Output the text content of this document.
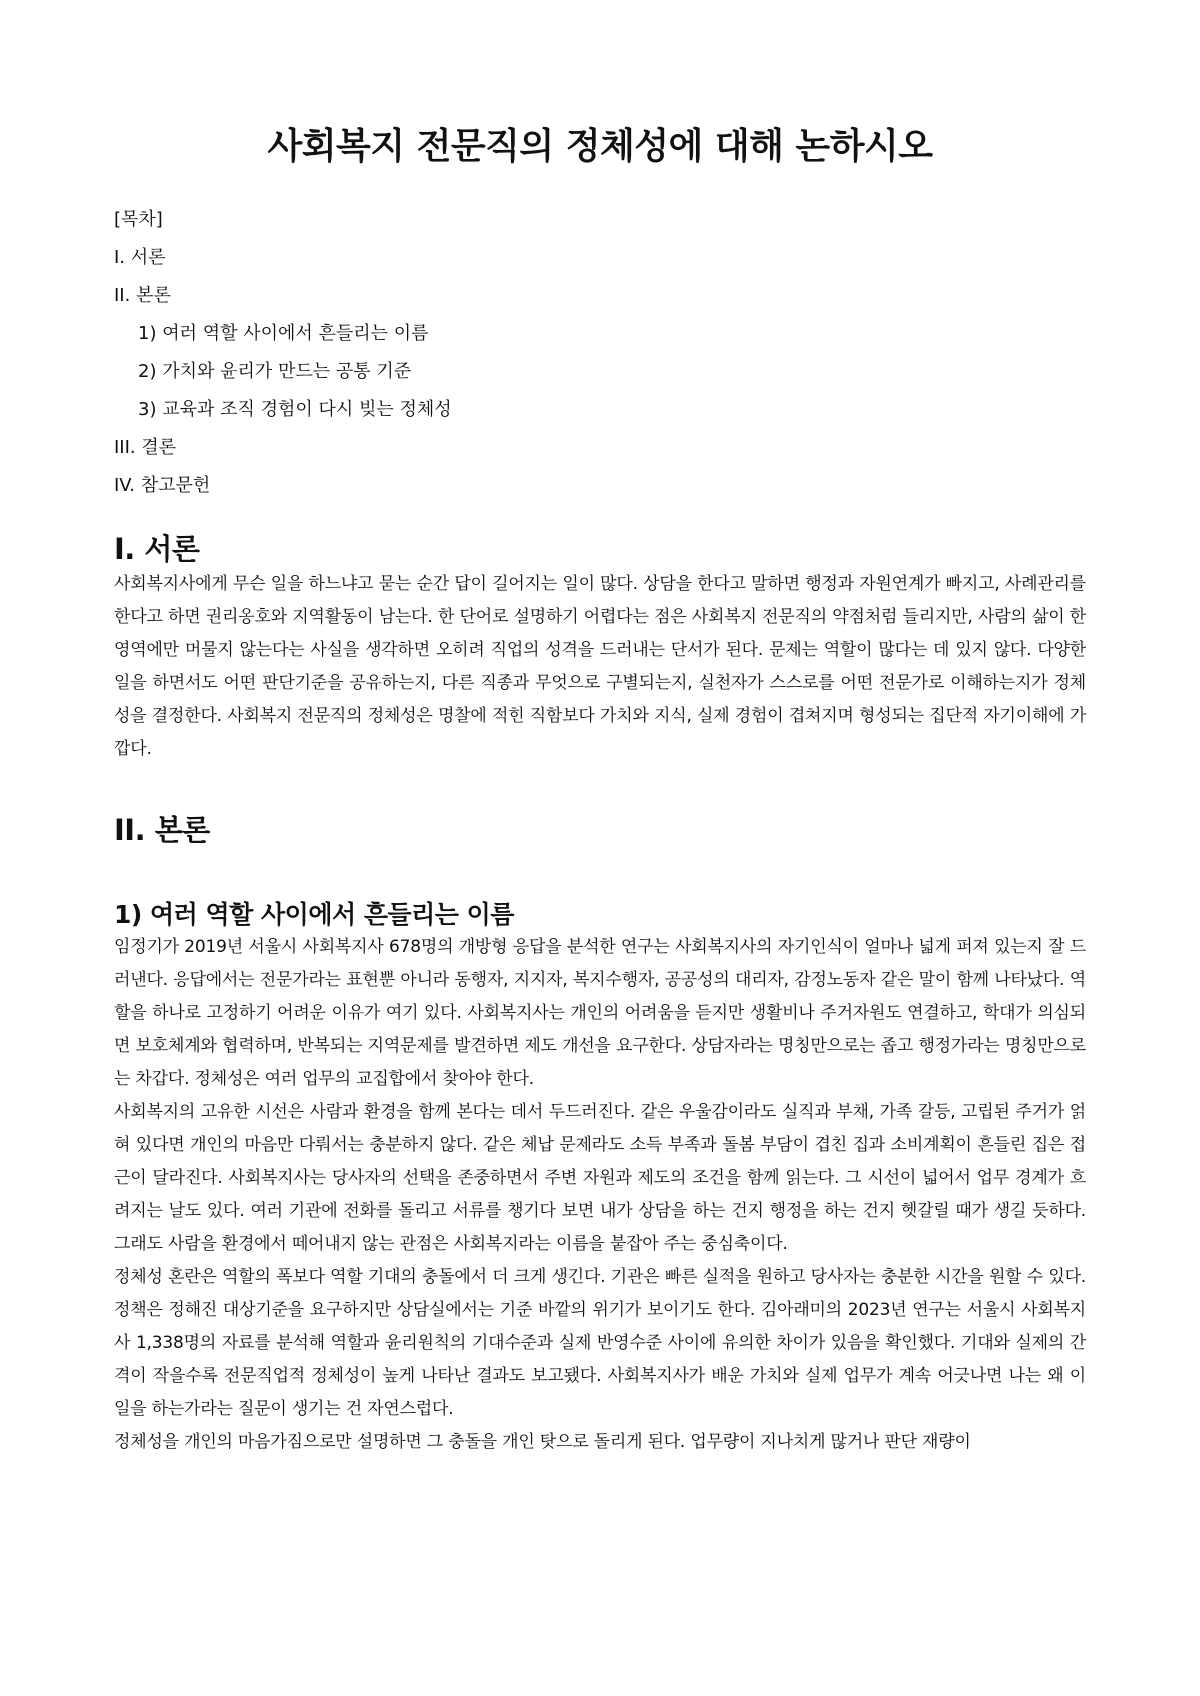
사회복지 전문직의 정체성에 대해 논하시오
[목차]
I. 서론
II. 본론
1) 여러 역할 사이에서 흔들리는 이름
2) 가치와 윤리가 만드는 공통 기준
3) 교육과 조직 경험이 다시 빚는 정체성
III. 결론
IV. 참고문헌
I. 서론

사회복지사에게 무슨 일을 하느냐고 묻는 순간 답이 길어지는 일이 많다. 상담을 한다고 말하면 행정과 자원연계가 빠지고, 사례관리를 한다고 하면 권리옹호와 지역활동이 남는다. 한 단어로 설명하기 어렵다는 점은 사회복지 전문직의 약점처럼 들리지만, 사람의 삶이 한 영역에만 머물지 않는다는 사실을 생각하면 오히려 직업의 성격을 드러내는 단서가 된다. 문제는 역할이 많다는 데 있지 않다. 다양한 일을 하면서도 어떤 판단기준을 공유하는지, 다른 직종과 무엇으로 구별되는지, 실천자가 스스로를 어떤 전문가로 이해하는지가 정체성을 결정한다. 사회복지 전문직의 정체성은 명찰에 적힌 직함보다 가치와 지식, 실제 경험이 겹쳐지며 형성되는 집단적 자기이해에 가깝다.

II. 본론
1) 여러 역할 사이에서 흔들리는 이름

임정기가 2019년 서울시 사회복지사 678명의 개방형 응답을 분석한 연구는 사회복지사의 자기인식이 얼마나 넓게 퍼져 있는지 잘 드러낸다. 응답에서는 전문가라는 표현뿐 아니라 동행자, 지지자, 복지수행자, 공공성의 대리자, 감정노동자 같은 말이 함께 나타났다. 역할을 하나로 고정하기 어려운 이유가 여기 있다. 사회복지사는 개인의 어려움을 듣지만 생활비나 주거자원도 연결하고, 학대가 의심되면 보호체계와 협력하며, 반복되는 지역문제를 발견하면 제도 개선을 요구한다. 상담자라는 명칭만으로는 좁고 행정가라는 명칭만으로는 차갑다. 정체성은 여러 업무의 교집합에서 찾아야 한다.

사회복지의 고유한 시선은 사람과 환경을 함께 본다는 데서 두드러진다. 같은 우울감이라도 실직과 부채, 가족 갈등, 고립된 주거가 얽혀 있다면 개인의 마음만 다뤄서는 충분하지 않다. 같은 체납 문제라도 소득 부족과 돌봄 부담이 겹친 집과 소비계획이 흔들린 집은 접근이 달라진다. 사회복지사는 당사자의 선택을 존중하면서 주변 자원과 제도의 조건을 함께 읽는다. 그 시선이 넓어서 업무 경계가 흐려지는 날도 있다. 여러 기관에 전화를 돌리고 서류를 챙기다 보면 내가 상담을 하는 건지 행정을 하는 건지 헷갈릴 때가 생길 듯하다. 그래도 사람을 환경에서 떼어내지 않는 관점은 사회복지라는 이름을 붙잡아 주는 중심축이다.

정체성 혼란은 역할의 폭보다 역할 기대의 충돌에서 더 크게 생긴다. 기관은 빠른 실적을 원하고 당사자는 충분한 시간을 원할 수 있다. 정책은 정해진 대상기준을 요구하지만 상담실에서는 기준 바깥의 위기가 보이기도 한다. 김아래미의 2023년 연구는 서울시 사회복지사 1,338명의 자료를 분석해 역할과 윤리원칙의 기대수준과 실제 반영수준 사이에 유의한 차이가 있음을 확인했다. 기대와 실제의 간격이 작을수록 전문직업적 정체성이 높게 나타난 결과도 보고됐다. 사회복지사가 배운 가치와 실제 업무가 계속 어긋나면 나는 왜 이 일을 하는가라는 질문이 생기는 건 자연스럽다.

정체성을 개인의 마음가짐으로만 설명하면 그 충돌을 개인 탓으로 돌리게 된다. 업무량이 지나치게 많거나 판단 재량이
